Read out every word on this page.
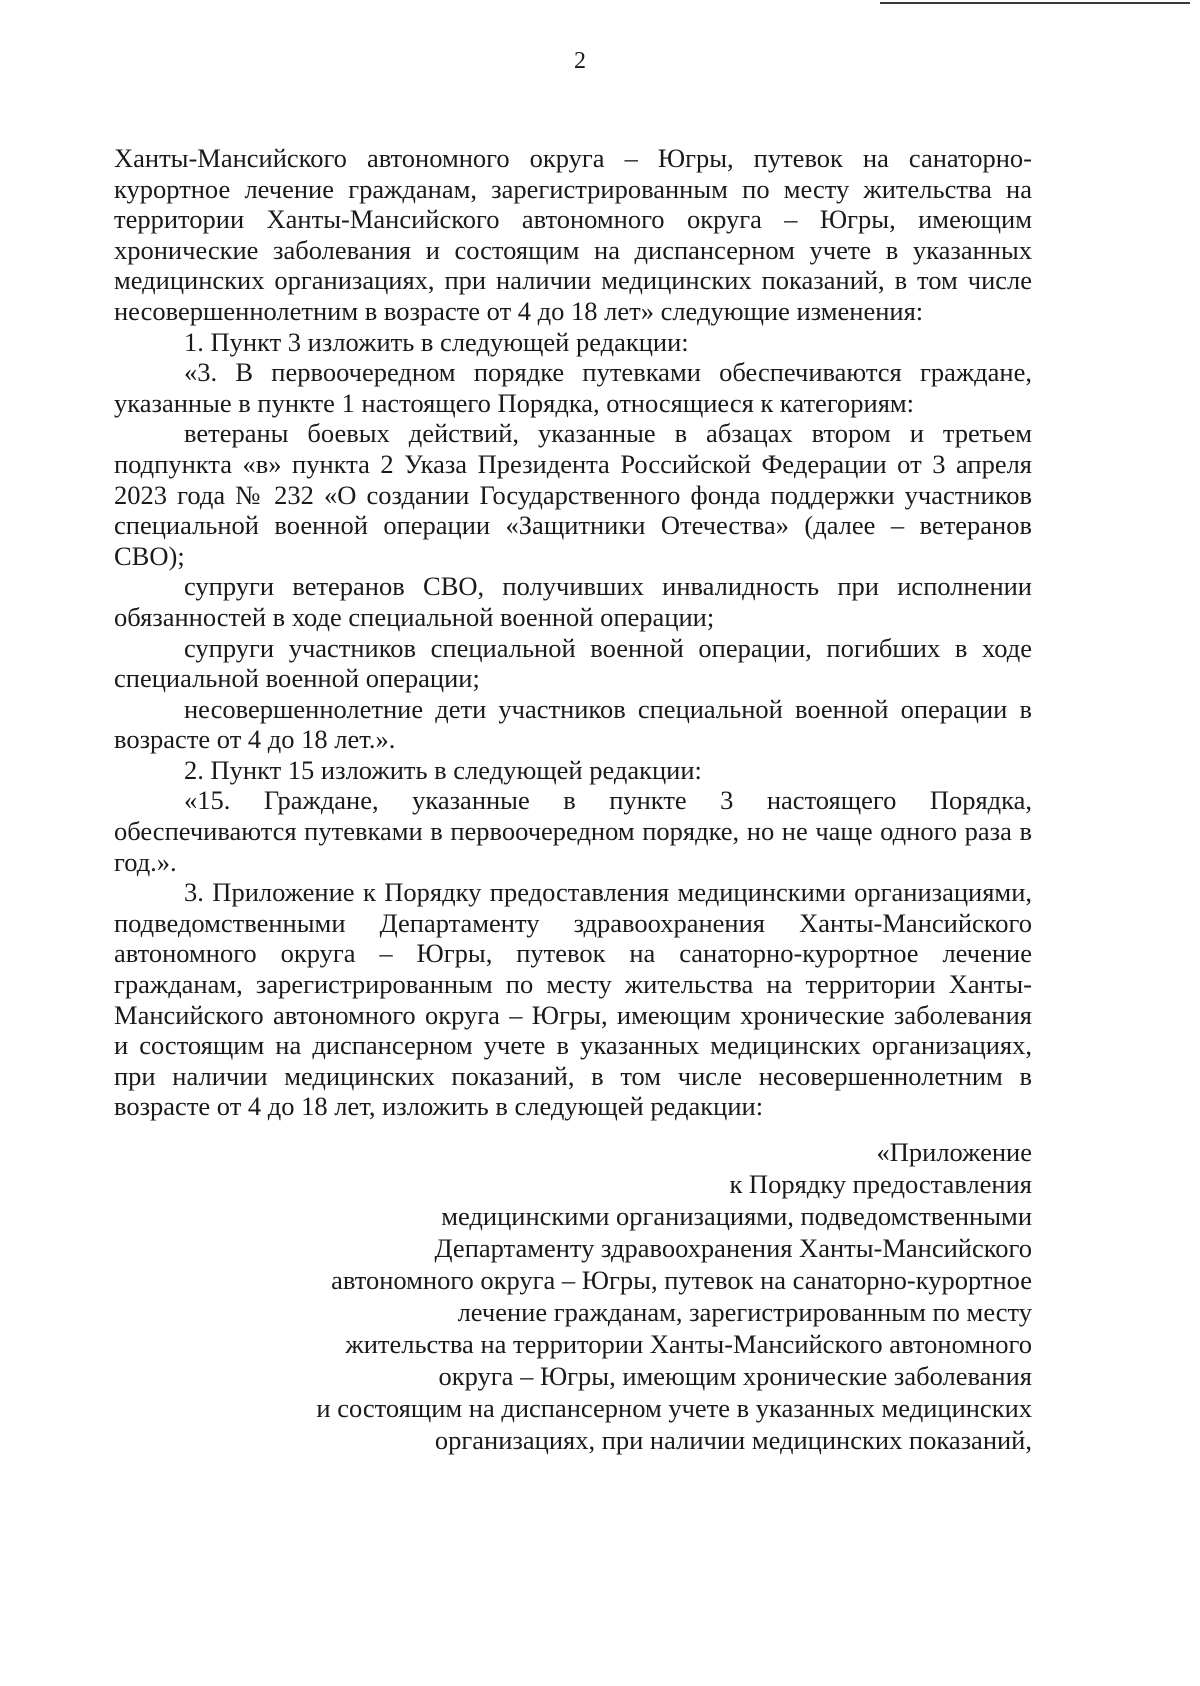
2

Ханты-Мансийского автономного округа – Югры, путевок на санаторно-курортное лечение гражданам, зарегистрированным по месту жительства на территории Ханты-Мансийского автономного округа – Югры, имеющим хронические заболевания и состоящим на диспансерном учете в указанных медицинских организациях, при наличии медицинских показаний, в том числе несовершеннолетним в возрасте от 4 до 18 лет» следующие изменения:

1. Пункт 3 изложить в следующей редакции:

«3. В первоочередном порядке путевками обеспечиваются граждане, указанные в пункте 1 настоящего Порядка, относящиеся к категориям:

ветераны боевых действий, указанные в абзацах втором и третьем подпункта «в» пункта 2 Указа Президента Российской Федерации от 3 апреля 2023 года № 232 «О создании Государственного фонда поддержки участников специальной военной операции «Защитники Отечества» (далее – ветеранов СВО);

супруги ветеранов СВО, получивших инвалидность при исполнении обязанностей в ходе специальной военной операции;

супруги участников специальной военной операции, погибших в ходе специальной военной операции;

несовершеннолетние дети участников специальной военной операции в возрасте от 4 до 18 лет.».

2. Пункт 15 изложить в следующей редакции:

«15. Граждане, указанные в пункте 3 настоящего Порядка, обеспечиваются путевками в первоочередном порядке, но не чаще одного раза в год.».

3. Приложение к Порядку предоставления медицинскими организациями, подведомственными Департаменту здравоохранения Ханты-Мансийского автономного округа – Югры, путевок на санаторно-курортное лечение гражданам, зарегистрированным по месту жительства на территории Ханты-Мансийского автономного округа – Югры, имеющим хронические заболевания и состоящим на диспансерном учете в указанных медицинских организациях, при наличии медицинских показаний, в том числе несовершеннолетним в возрасте от 4 до 18 лет, изложить в следующей редакции:

«Приложение
к Порядку предоставления
медицинскими организациями, подведомственными
Департаменту здравоохранения Ханты-Мансийского
автономного округа – Югры, путевок на санаторно-курортное
лечение гражданам, зарегистрированным по месту
жительства на территории Ханты-Мансийского автономного
округа – Югры, имеющим хронические заболевания
и состоящим на диспансерном учете в указанных медицинских
организациях, при наличии медицинских показаний,
